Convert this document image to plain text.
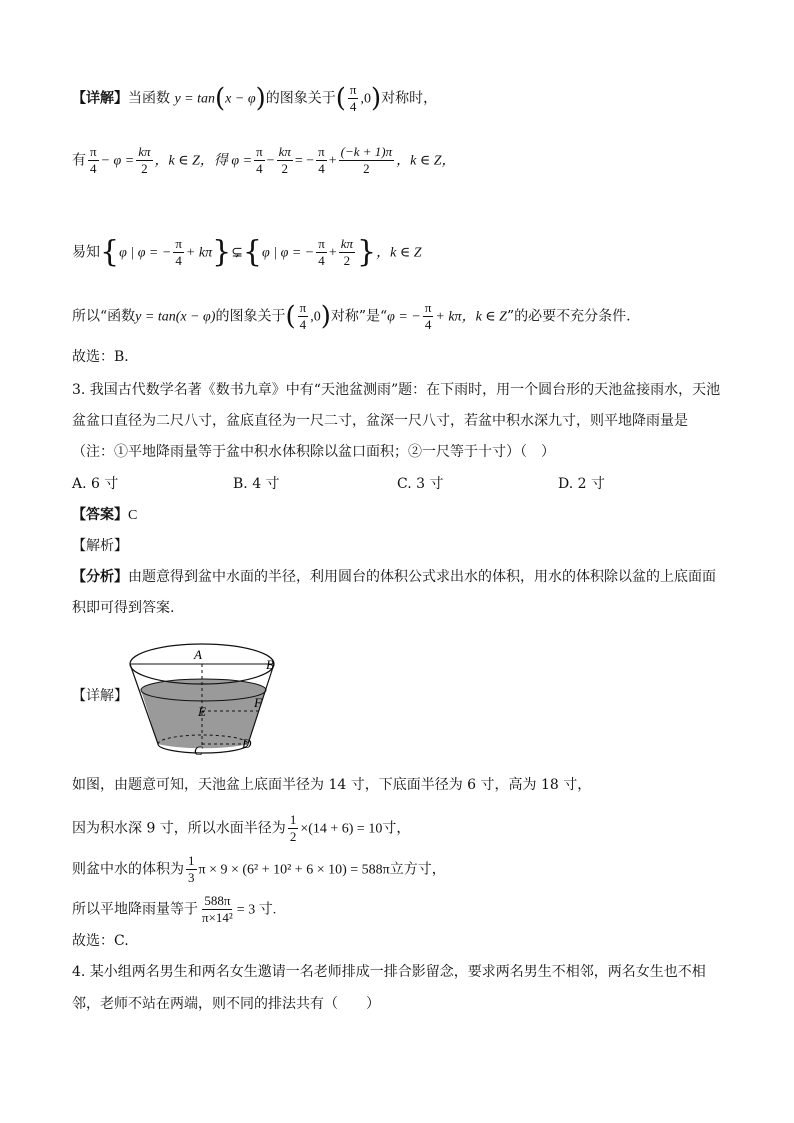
【详解】当函数 y = tan(x − φ)的图象关于( $\frac{\pi}{4} ,0$)对称时，
有 $\frac{\pi}{4} - \varphi = \frac{k\pi}{2}$ ，k ∈ Z，得 $\varphi = \frac{\pi}{4} - \frac{k\pi}{2}$ = − $\frac{\pi}{4} + \frac{(-k + 1)\pi}{2}$ ，k ∈ Z，
易知{φ | φ = − $\frac{\pi}{4}$ + kπ}⊊{φ | φ = − $\frac{\pi}{4} + \frac{k\pi}{2}$ }，k ∈ Z
所以“函数y = tan(x − φ)的图象关于( $\frac{\pi}{4} ,0$)对称”是“φ = − $\frac{\pi}{4} + k\pi$，k ∈ Z”的必要不充分条件.
故选：B．
3. 我国古代数学名著《数书九章》中有“天池盆测雨”题：在下雨时，用一个圆台形的天池盆接雨水，天池
盆盆口直径为二尺八寸，盆底直径为一尺二寸，盆深一尺八寸，若盆中积水深九寸，则平地降雨量是
（注：①平地降雨量等于盆中积水体积除以盆口面积；②一尺等于十寸）（　）
A. 6 寸	B. 4 寸	C. 3 寸	D. 2 寸
【答案】C
【解析】
【分析】由题意得到盆中水面的半径，利用圆台的体积公式求出水的体积，用水的体积除以盆的上底面面
积即可得到答案.
【详解】
A
B
E
F
C	D
如图，由题意可知，天池盆上底面半径为 14 寸，下底面半径为 6 寸，高为 18 寸，
因为积水深 9 寸，所以水面半径为 $\frac{1}{2} \times(14 + 6) = 10$寸，
则盆中水的体积为 $\frac{1}{3}$ π × 9 × (6² + 10² + 6 × 10) = 588π立方寸，
所以平地降雨量等于 $\frac{588\pi}{\text{π×14²}} = 3$ 寸.
故选：C.
4. 某小组两名男生和两名女生邀请一名老师排成一排合影留念，要求两名男生不相邻，两名女生也不相
邻，老师不站在两端，则不同的排法共有（　　）
